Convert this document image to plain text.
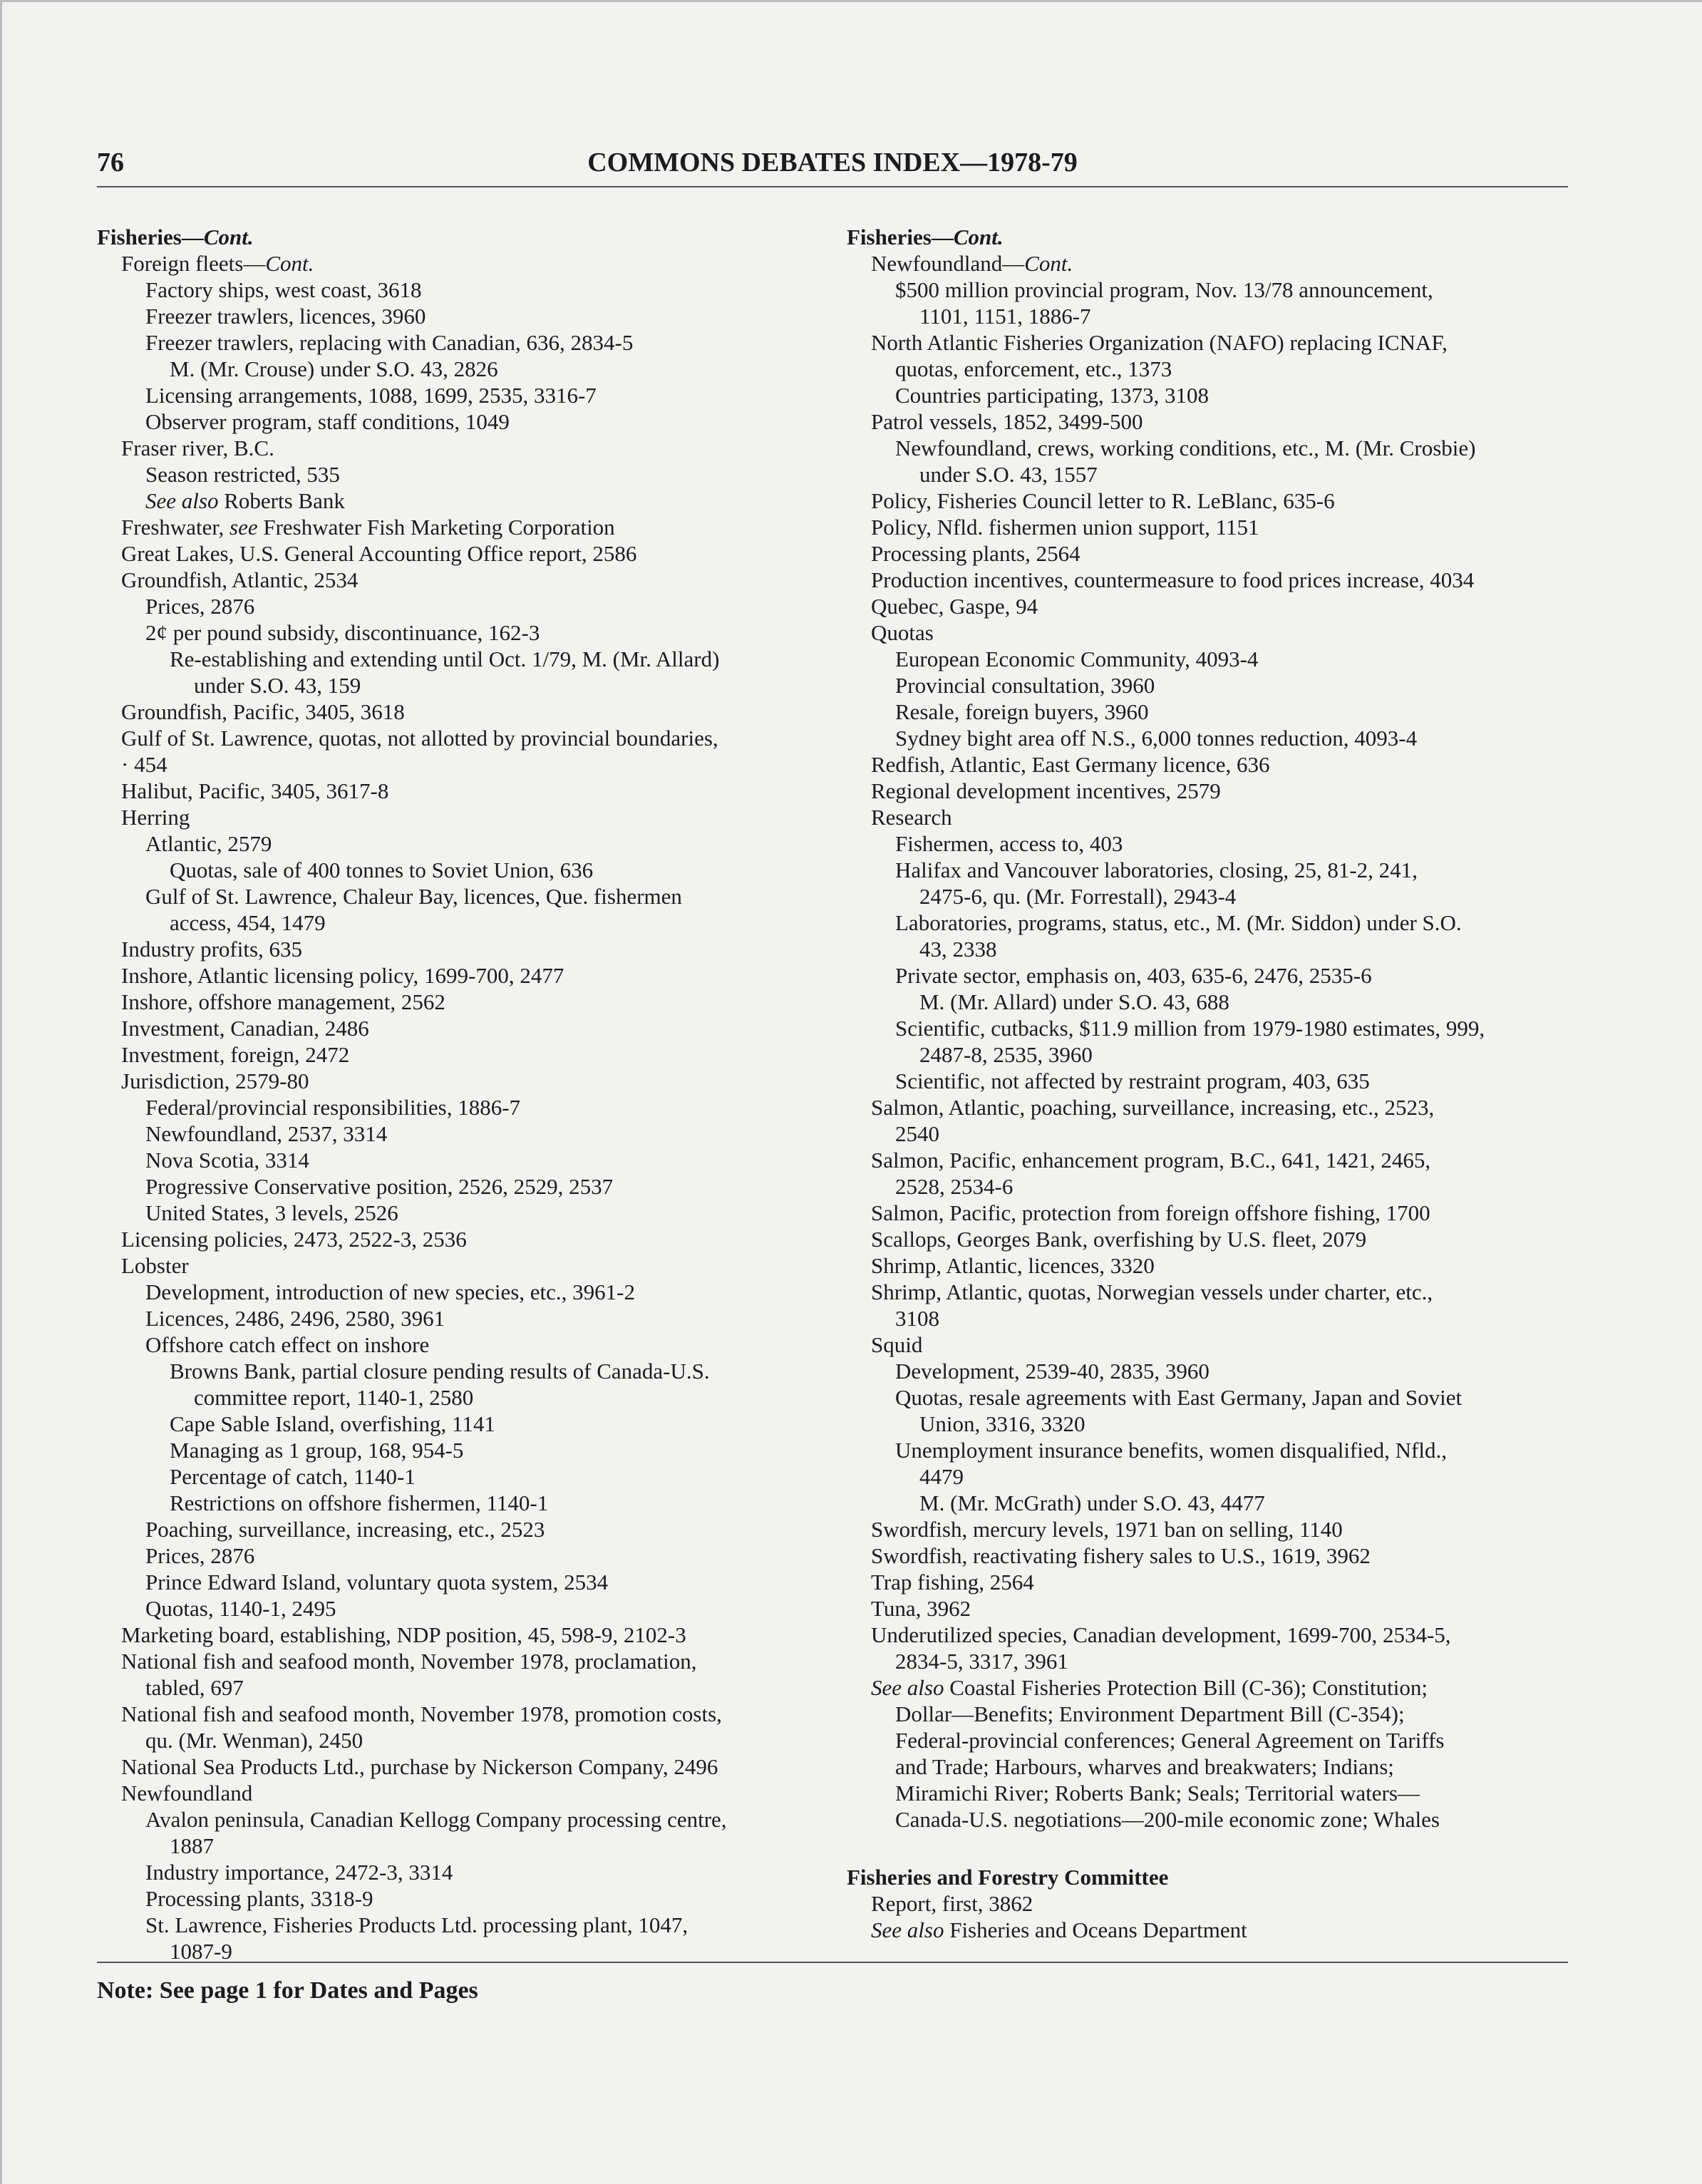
76	COMMONS DEBATES INDEX—1978-79
Fisheries—Cont.
Foreign fleets—Cont.
Factory ships, west coast, 3618
Freezer trawlers, licences, 3960
Freezer trawlers, replacing with Canadian, 636, 2834-5
M. (Mr. Crouse) under S.O. 43, 2826
Licensing arrangements, 1088, 1699, 2535, 3316-7
Observer program, staff conditions, 1049
Fraser river, B.C.
Season restricted, 535
See also Roberts Bank
Freshwater, see Freshwater Fish Marketing Corporation
Great Lakes, U.S. General Accounting Office report, 2586
Groundfish, Atlantic, 2534
Prices, 2876
2¢ per pound subsidy, discontinuance, 162-3
Re-establishing and extending until Oct. 1/79, M. (Mr. Allard)
under S.O. 43, 159
Groundfish, Pacific, 3405, 3618
Gulf of St. Lawrence, quotas, not allotted by provincial boundaries,
· 454
Halibut, Pacific, 3405, 3617-8
Herring
Atlantic, 2579
Quotas, sale of 400 tonnes to Soviet Union, 636
Gulf of St. Lawrence, Chaleur Bay, licences, Que. fishermen
access, 454, 1479
Industry profits, 635
Inshore, Atlantic licensing policy, 1699-700, 2477
Inshore, offshore management, 2562
Investment, Canadian, 2486
Investment, foreign, 2472
Jurisdiction, 2579-80
Federal/provincial responsibilities, 1886-7
Newfoundland, 2537, 3314
Nova Scotia, 3314
Progressive Conservative position, 2526, 2529, 2537
United States, 3 levels, 2526
Licensing policies, 2473, 2522-3, 2536
Lobster
Development, introduction of new species, etc., 3961-2
Licences, 2486, 2496, 2580, 3961
Offshore catch effect on inshore
Browns Bank, partial closure pending results of Canada-U.S.
committee report, 1140-1, 2580
Cape Sable Island, overfishing, 1141
Managing as 1 group, 168, 954-5
Percentage of catch, 1140-1
Restrictions on offshore fishermen, 1140-1
Poaching, surveillance, increasing, etc., 2523
Prices, 2876
Prince Edward Island, voluntary quota system, 2534
Quotas, 1140-1, 2495
Marketing board, establishing, NDP position, 45, 598-9, 2102-3
National fish and seafood month, November 1978, proclamation,
tabled, 697
National fish and seafood month, November 1978, promotion costs,
qu. (Mr. Wenman), 2450
National Sea Products Ltd., purchase by Nickerson Company, 2496
Newfoundland
Avalon peninsula, Canadian Kellogg Company processing centre,
1887
Industry importance, 2472-3, 3314
Processing plants, 3318-9
St. Lawrence, Fisheries Products Ltd. processing plant, 1047,
1087-9
Fisheries—Cont.
Newfoundland—Cont.
$500 million provincial program, Nov. 13/78 announcement,
1101, 1151, 1886-7
North Atlantic Fisheries Organization (NAFO) replacing ICNAF,
quotas, enforcement, etc., 1373
Countries participating, 1373, 3108
Patrol vessels, 1852, 3499-500
Newfoundland, crews, working conditions, etc., M. (Mr. Crosbie)
under S.O. 43, 1557
Policy, Fisheries Council letter to R. LeBlanc, 635-6
Policy, Nfld. fishermen union support, 1151
Processing plants, 2564
Production incentives, countermeasure to food prices increase, 4034
Quebec, Gaspe, 94
Quotas
European Economic Community, 4093-4
Provincial consultation, 3960
Resale, foreign buyers, 3960
Sydney bight area off N.S., 6,000 tonnes reduction, 4093-4
Redfish, Atlantic, East Germany licence, 636
Regional development incentives, 2579
Research
Fishermen, access to, 403
Halifax and Vancouver laboratories, closing, 25, 81-2, 241,
2475-6, qu. (Mr. Forrestall), 2943-4
Laboratories, programs, status, etc., M. (Mr. Siddon) under S.O.
43, 2338
Private sector, emphasis on, 403, 635-6, 2476, 2535-6
M. (Mr. Allard) under S.O. 43, 688
Scientific, cutbacks, $11.9 million from 1979-1980 estimates, 999,
2487-8, 2535, 3960
Scientific, not affected by restraint program, 403, 635
Salmon, Atlantic, poaching, surveillance, increasing, etc., 2523,
2540
Salmon, Pacific, enhancement program, B.C., 641, 1421, 2465,
2528, 2534-6
Salmon, Pacific, protection from foreign offshore fishing, 1700
Scallops, Georges Bank, overfishing by U.S. fleet, 2079
Shrimp, Atlantic, licences, 3320
Shrimp, Atlantic, quotas, Norwegian vessels under charter, etc.,
3108
Squid
Development, 2539-40, 2835, 3960
Quotas, resale agreements with East Germany, Japan and Soviet
Union, 3316, 3320
Unemployment insurance benefits, women disqualified, Nfld.,
4479
M. (Mr. McGrath) under S.O. 43, 4477
Swordfish, mercury levels, 1971 ban on selling, 1140
Swordfish, reactivating fishery sales to U.S., 1619, 3962
Trap fishing, 2564
Tuna, 3962
Underutilized species, Canadian development, 1699-700, 2534-5,
2834-5, 3317, 3961
See also Coastal Fisheries Protection Bill (C-36); Constitution;
Dollar—Benefits; Environment Department Bill (C-354);
Federal-provincial conferences; General Agreement on Tariffs
and Trade; Harbours, wharves and breakwaters; Indians;
Miramichi River; Roberts Bank; Seals; Territorial waters—
Canada-U.S. negotiations—200-mile economic zone; Whales
Fisheries and Forestry Committee
Report, first, 3862
See also Fisheries and Oceans Department
Note: See page 1 for Dates and Pages
